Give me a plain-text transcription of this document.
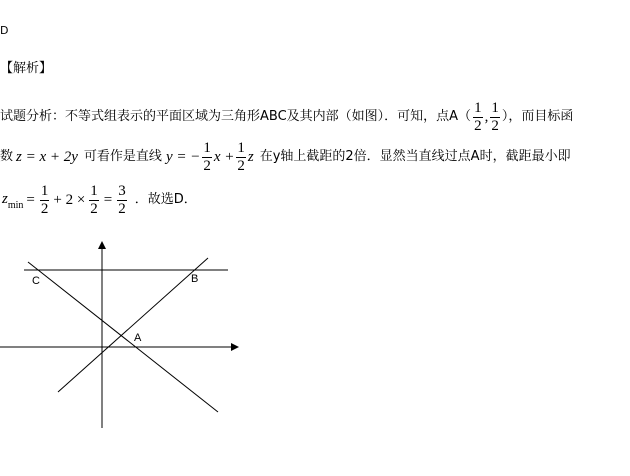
D
【解析】
试题分析：不等式组表示的平面区域为三角形ABC及其内部（如图）．可知，点$A( \frac{1}{2}$ , $\frac{1}{2}$ ），而目标函
数 z = x + 2y 可看作是直线 y = − $\frac{1}{2}$ $x + \frac{1}{2}$ z 在y轴上截距的2倍．显然当直线过点A时，截距最小即
$z_{min} = \frac{1}{2} + 2 \times \frac{1}{2} = \frac{3}{2}$ ．故选D．
C	B
A
